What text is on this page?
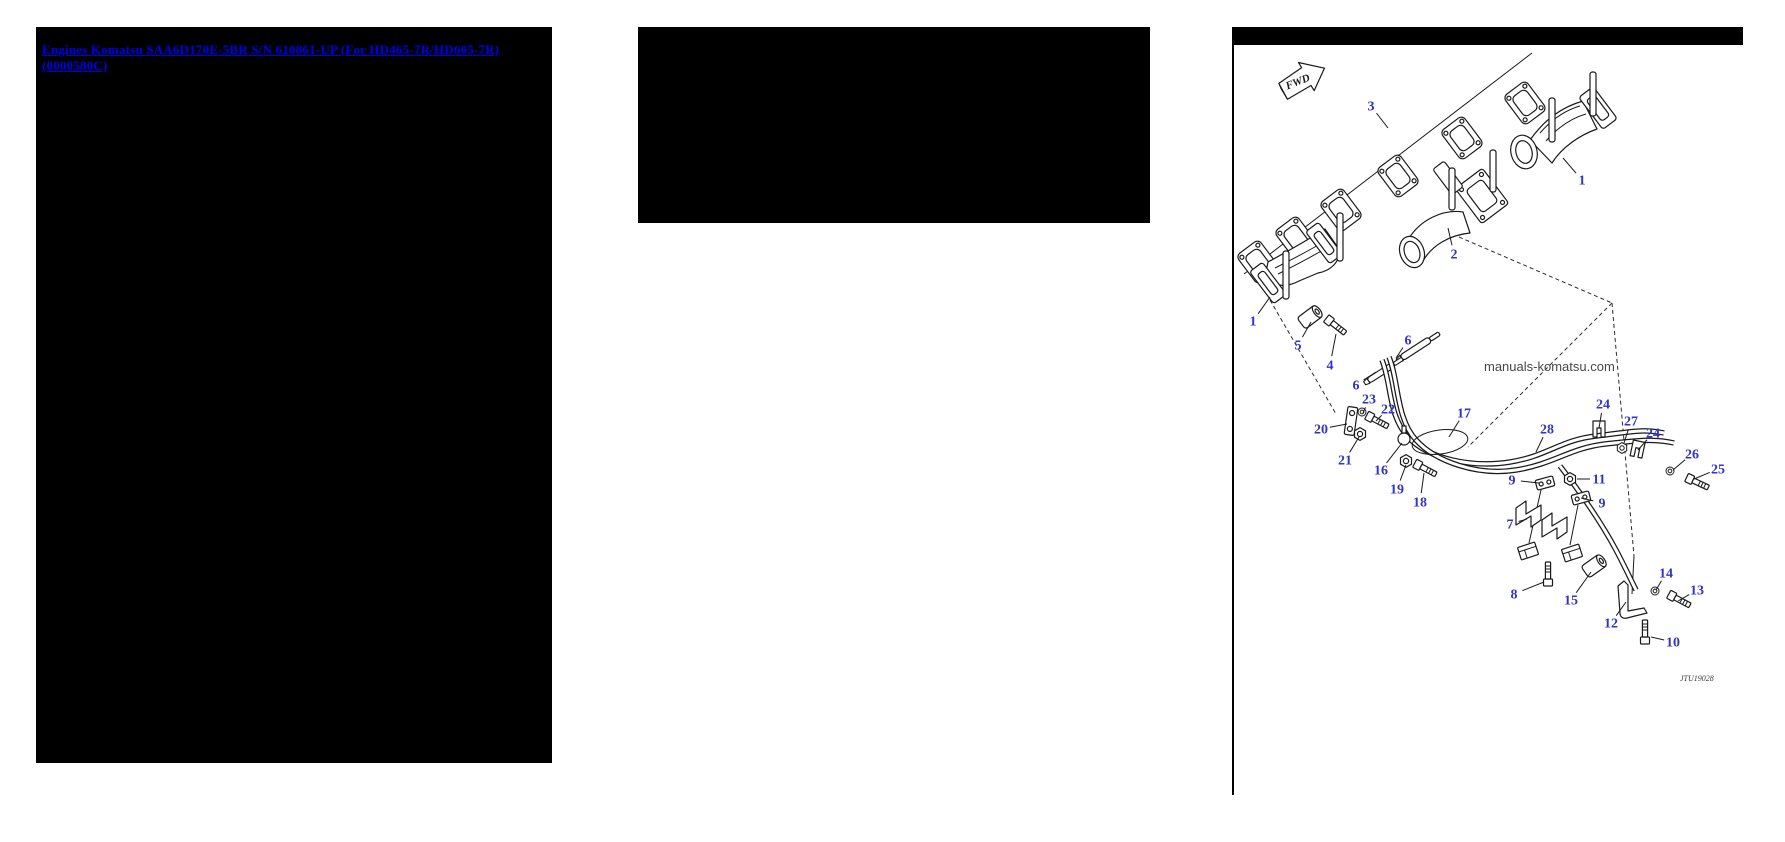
Engines Komatsu SAA6D170E-5BR S/N 610861-UP (For HD465-7R/HD605-7R)(0000580C)
FWD
3
1
2
1
5
4
6
6
23
22
20
21
16
19
18
17
28
24
27
24
26
25
9	11
9
7
8	15
12
14
13
10
manuals-komatsu.com
JTU19028
